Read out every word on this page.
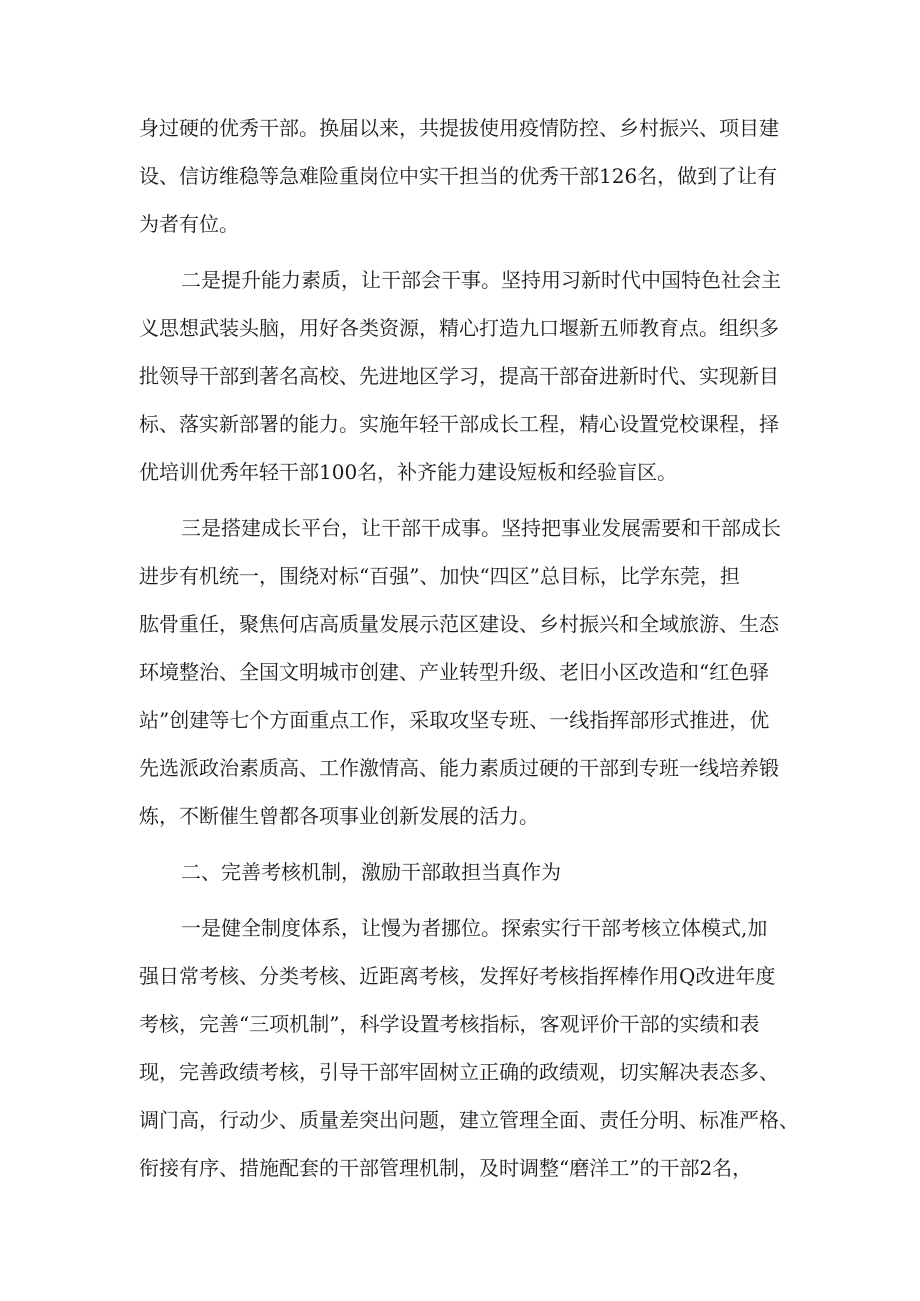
身过硬的优秀干部。换届以来，共提拔使用疫情防控、乡村振兴、项目建
设、信访维稳等急难险重岗位中实干担当的优秀干部126名，做到了让有
为者有位。
二是提升能力素质，让干部会干事。坚持用习新时代中国特色社会主
义思想武装头脑，用好各类资源，精心打造九口堰新五师教育点。组织多
批领导干部到著名高校、先进地区学习，提高干部奋进新时代、实现新目
标、落实新部署的能力。实施年轻干部成长工程，精心设置党校课程，择
优培训优秀年轻干部100名，补齐能力建设短板和经验盲区。
三是搭建成长平台，让干部干成事。坚持把事业发展需要和干部成长
进步有机统一，围绕对标“百强”、加快“四区”总目标，比学东莞，担
肱骨重任，聚焦何店高质量发展示范区建设、乡村振兴和全域旅游、生态
环境整治、全国文明城市创建、产业转型升级、老旧小区改造和“红色驿
站”创建等七个方面重点工作，采取攻坚专班、一线指挥部形式推进，优
先选派政治素质高、工作激情高、能力素质过硬的干部到专班一线培养锻
炼，不断催生曾都各项事业创新发展的活力。
二、完善考核机制，激励干部敢担当真作为
一是健全制度体系，让慢为者挪位。探索实行干部考核立体模式,加
强日常考核、分类考核、近距离考核，发挥好考核指挥棒作用Q改进年度
考核，完善“三项机制”，科学设置考核指标，客观评价干部的实绩和表
现，完善政绩考核，引导干部牢固树立正确的政绩观，切实解决表态多、
调门高，行动少、质量差突出问题，建立管理全面、责任分明、标准严格、
衔接有序、措施配套的干部管理机制，及时调整“磨洋工”的干部2名，
